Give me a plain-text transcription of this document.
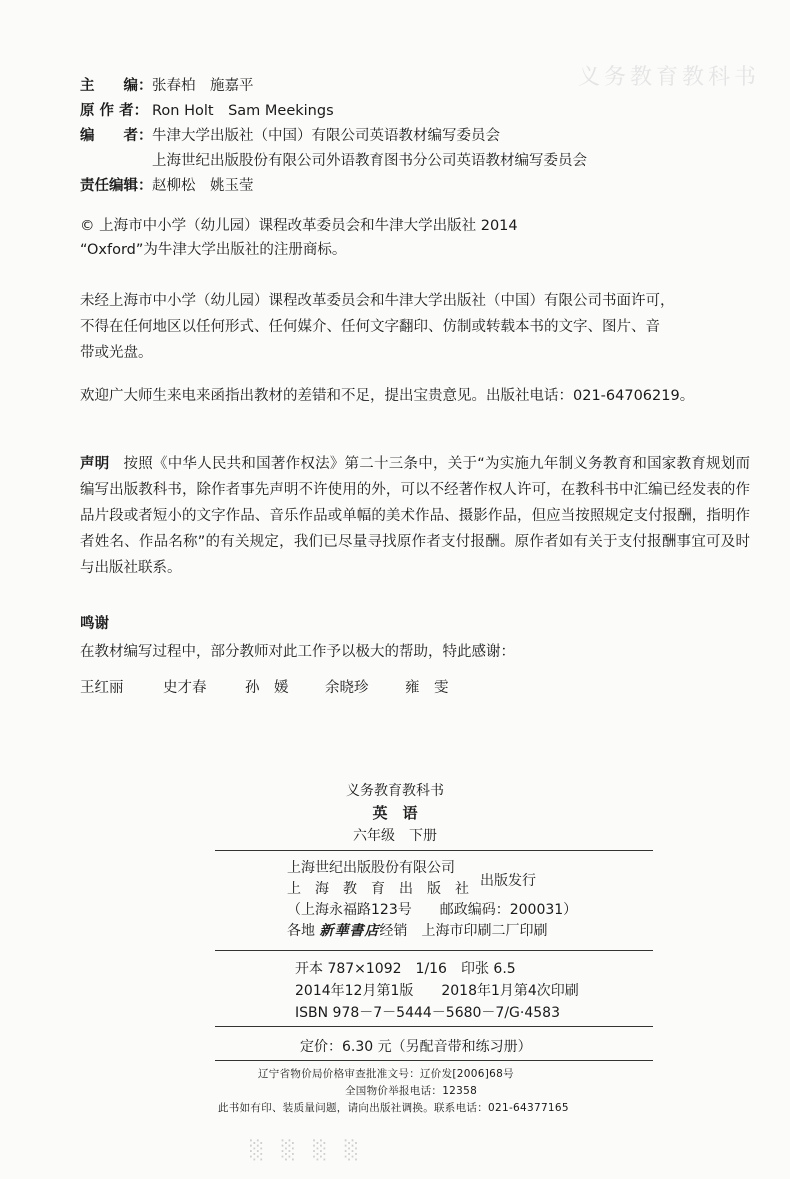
义务教育教科书
主　　编： 张春柏　施嘉平
原 作 者： Ron Holt　Sam Meekings
编　　者： 牛津大学出版社（中国）有限公司英语教材编写委员会
上海世纪出版股份有限公司外语教育图书分公司英语教材编写委员会
责任编辑： 赵柳松　姚玉莹
© 上海市中小学（幼儿园）课程改革委员会和牛津大学出版社 2014
“Oxford”为牛津大学出版社的注册商标。
未经上海市中小学（幼儿园）课程改革委员会和牛津大学出版社（中国）有限公司书面许可，
不得在任何地区以任何形式、任何媒介、任何文字翻印、仿制或转载本书的文字、图片、音
带或光盘。
欢迎广大师生来电来函指出教材的差错和不足，提出宝贵意见。出版社电话：021-64706219。
声明 按照《中华人民共和国著作权法》第二十三条中，关于“为实施九年制义务教育和国家教育规划而编写出版教科书，除作者事先声明不许使用的外，可以不经著作权人许可，在教科书中汇编已经发表的作品片段或者短小的文字作品、音乐作品或单幅的美术作品、摄影作品，但应当按照规定支付报酬，指明作者姓名、作品名称”的有关规定，我们已尽量寻找原作者支付报酬。原作者如有关于支付报酬事宜可及时与出版社联系。
鸣谢
在教材编写过程中，部分教师对此工作予以极大的帮助，特此感谢：
王红丽	史才春	孙　媛	余晓珍	雍　雯
义务教育教科书
英　语
六年级　下册
上海世纪出版股份有限公司
上　海　教　育　出　版　社
（上海永福路123号　　邮政编码：200031）
各地 新華書店经销　上海市印刷二厂印刷
出版发行
开本 787×1092　1/16　印张 6.5
2014年12月第1版　　2018年1月第4次印刷
ISBN 978－7－5444－5680－7/G·4583
定价：6.30 元（另配音带和练习册）
辽宁省物价局价格审查批准文号：辽价发[2006]68号
全国物价举报电话：12358
此书如有印、装质量问题，请向出版社调换。联系电话：021-64377165
░ ░ ░ ░
